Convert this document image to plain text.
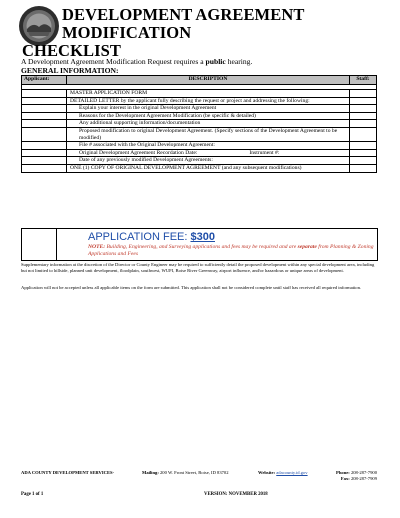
DEVELOPMENT AGREEMENT MODIFICATION
CHECKLIST
A Development Agreement Modification Request requires a public hearing.
GENERAL INFORMATION:
Applicant:	DESCRIPTION	Staff:

	MASTER APPLICATION FORM	
	DETAILED LETTER by the applicant fully describing the request or project and addressing the following:	
	Explain your interest in the original Development Agreement	
	Reasons for the Development Agreement Modification (be specific & detailed)	
	Any additional supporting information/documentation	
	Proposed modification to original Development Agreement. (Specify sections of the Development Agreement to be modified)	
	File # associated with the Original Development Agreement:	
	Original Development Agreement Recordation Date: Instrument #:	
	Date of any previously modified Development Agreements:	
	ONE (1) COPY OF ORIGINAL DEVELOPMENT AGREEMENT (and any subsequent modifications)	
APPLICATION FEE: $300
NOTE: Building, Engineering, and Surveying applications and fees may be required and are separate from Planning & Zoning Applications and Fees
Supplementary information at the discretion of the Director or County Engineer may be required to sufficiently detail the proposed development within any special development area, including but not limited to hillside, planned unit development, floodplain, southwest, WUFI, Boise River Greenway, airport influence, and/or hazardous or unique areas of development.
Application will not be accepted unless all applicable items on the form are submitted. This application shall not be considered complete until staff has received all required information.
ADA COUNTY DEVELOPMENT SERVICES-	Mailing: 200 W. Front Street, Boise, ID 83702	Website: adacounty.id.gov	Phone: 208-287-7900
Fax: 208-287-7909
Page 1 of 1	VERSION: NOVEMBER 2018
